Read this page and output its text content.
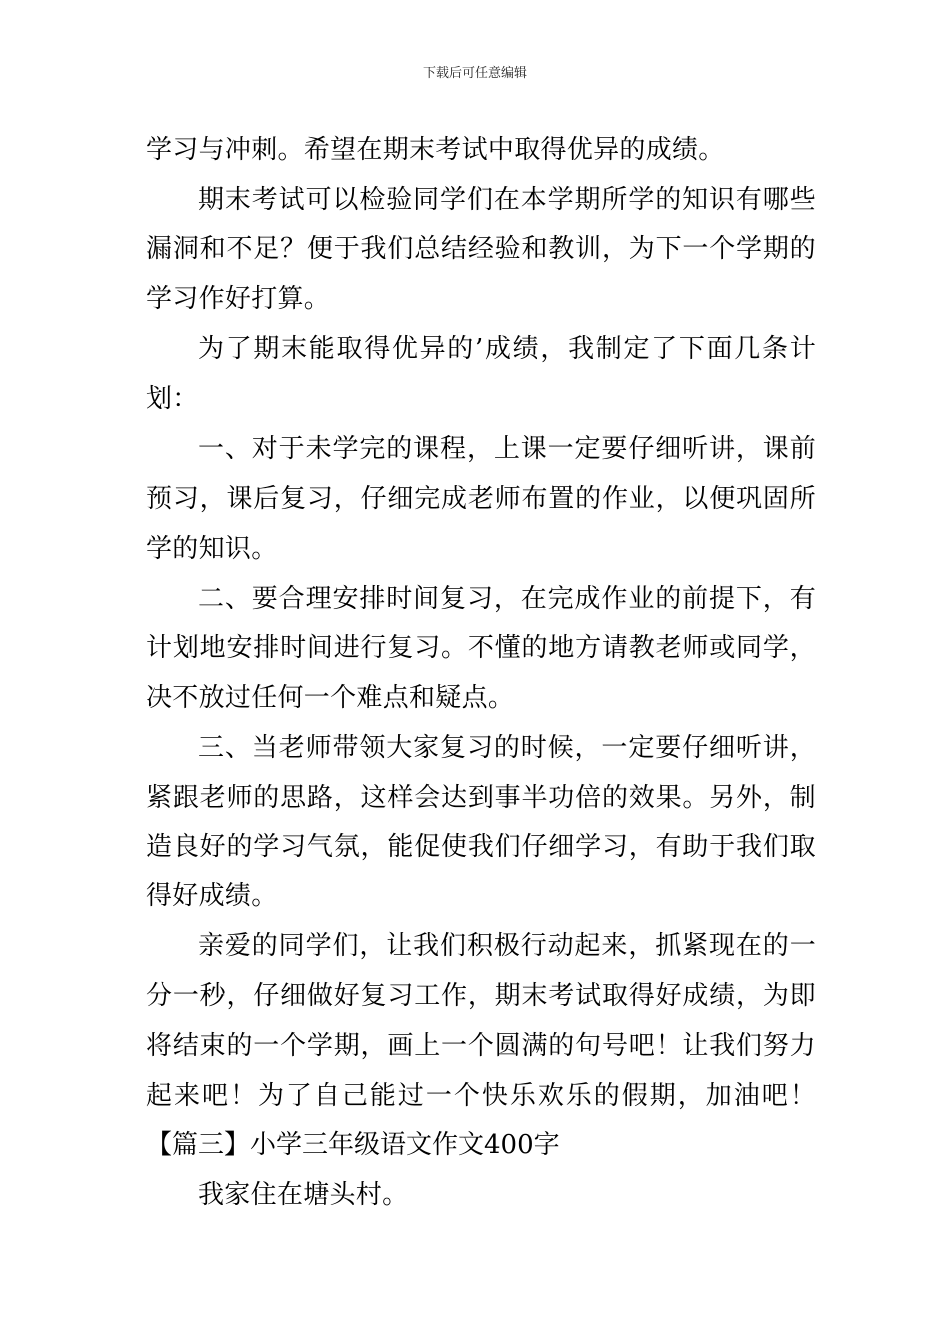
下载后可任意编辑
学习与冲刺。希望在期末考试中取得优异的成绩。
期末考试可以检验同学们在本学期所学的知识有哪些
漏洞和不足？便于我们总结经验和教训，为下一个学期的
学习作好打算。
为了期末能取得优异的’成绩，我制定了下面几条计
划：
一、对于未学完的课程，上课一定要仔细听讲，课前
预习，课后复习，仔细完成老师布置的作业，以便巩固所
学的知识。
二、要合理安排时间复习，在完成作业的前提下，有
计划地安排时间进行复习。不懂的地方请教老师或同学，
决不放过任何一个难点和疑点。
三、当老师带领大家复习的时候，一定要仔细听讲，
紧跟老师的思路，这样会达到事半功倍的效果。另外，制
造良好的学习气氛，能促使我们仔细学习，有助于我们取
得好成绩。
亲爱的同学们，让我们积极行动起来，抓紧现在的一
分一秒，仔细做好复习工作，期末考试取得好成绩，为即
将结束的一个学期，画上一个圆满的句号吧！让我们努力
起来吧！为了自己能过一个快乐欢乐的假期，加油吧！
【篇三】小学三年级语文作文400字
我家住在塘头村。
